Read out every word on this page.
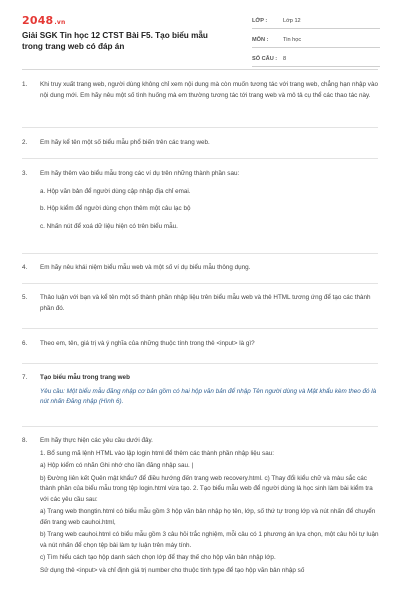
2048.vn
Giải SGK Tin học 12 CTST Bài F5. Tạo biểu mẫu trong trang web có đáp án
LỚP :	Lớp 12
MÔN :	Tin học
SỐ CÂU :	8
1.	Khi truy xuất trang web, người dùng không chỉ xem nội dung mà còn muốn tương tác với trang web, chẳng hạn nhập vào nội dung mới. Em hãy nêu một số tình huống mà em thường tương tác tới trang web và mô tả cụ thể các thao tác này.
2.	Em hãy kể tên một số biểu mẫu phổ biến trên các trang web.
3.	Em hãy thêm vào biểu mẫu trong các ví dụ trên những thành phần sau:
a. Hộp văn bản để người dùng cập nhập địa chỉ emai.
b. Hộp kiểm để người dùng chọn thêm một câu lạc bộ
c. Nhấn nút để xoá dữ liệu hiện có trên biểu mẫu.
4.	Em hãy nêu khái niệm biểu mẫu web và một số ví dụ biểu mẫu thông dụng.
5.	Thảo luận với bạn và kể tên một số thành phần nhập liệu trên biểu mẫu web và thẻ HTML tương ứng để tạo các thành phần đó.
6.	Theo em, tên, giá trị và ý nghĩa của những thuộc tính trong thẻ <input> là gì?
7.	Tạo biểu mẫu trong trang web
Yêu cầu: Một biểu mẫu đăng nhập cơ bản gồm có hai hộp văn bản để nhập Tên người dùng và Mật khẩu kèm theo đó là nút nhấn Đăng nhập (Hình 6).
8.	Em hãy thực hiện các yêu cầu dưới đây.
1. Bổ sung mã lệnh HTML vào lập login html để thêm các thành phần nhập liệu sau:
a) Hộp kiểm có nhãn Ghi nhớ cho lần đăng nhập sau. |
b) Đường liên kết Quên mật khẩu? để điều hướng đến trang web recovery.html. c) Thay đổi kiểu chữ và màu sắc các thành phần của biểu mẫu trong tệp login.html vừa tạo. 2. Tạo biểu mẫu web để người dùng là học sinh làm bài kiểm tra với các yêu cầu sau:
a) Trang web thongtin.html có biểu mẫu gồm 3 hộp văn bản nhập họ tên, lớp, số thứ tự trong lớp và nút nhấn để chuyển đến trang web cauhoi.html,
b) Trang web cauhoi.html có biểu mẫu gồm 3 câu hỏi trắc nghiệm, mỗi câu có 1 phương án lựa chọn, một câu hỏi tự luận và nút nhấn để chọn tệp bài làm tự luận trên máy tính.
c) Tìm hiểu cách tạo hộp danh sách chọn lớp để thay thế cho hộp văn bản nhập lớp.
Sử dụng thẻ <input> và chỉ định giá trị number cho thuộc tính type để tạo hộp văn bản nhập số
